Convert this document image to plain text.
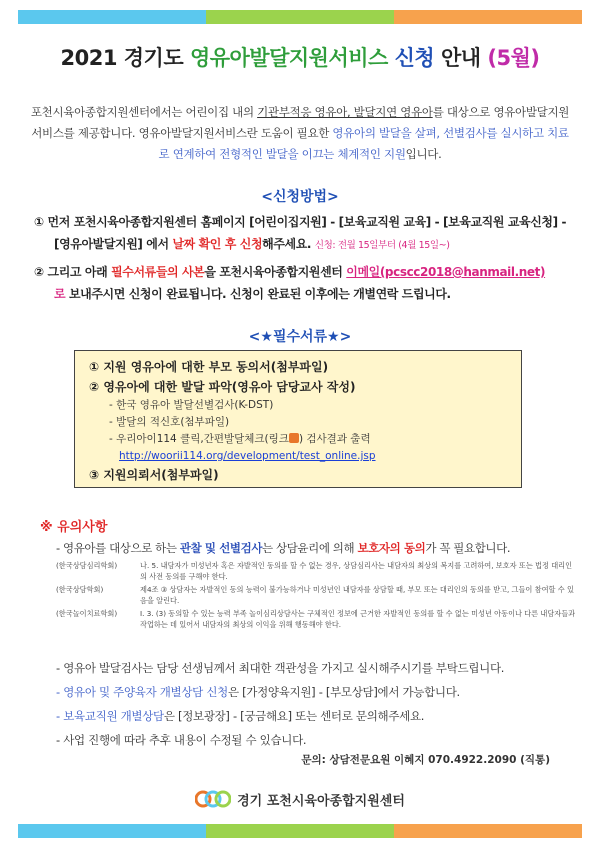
2021 경기도 영유아발달지원서비스 신청 안내 (5월)
포천시육아종합지원센터에서는 어린이집 내의 기관부적응 영유아, 발달지연 영유아를 대상으로 영유아발달지원서비스를 제공합니다. 영유아발달지원서비스란 도움이 필요한 영유아의 발달을 살펴, 선별검사를 실시하고 치료로 연계하여 전형적인 발달을 이끄는 체계적인 지원입니다.
<신청방법>

① 먼저 포천시육아종합지원센터 홈페이지 [어린이집지원] - [보육교직원 교육] - [보육교직원 교육신청] - [영유아발달지원] 에서 날짜 확인 후 신청해주세요. 신청: 전월 15일부터 (4월 15일~)

② 그리고 아래 필수서류들의 사본을 포천시육아종합지원센터 이메일(pcscc2018@hanmail.net)
로 보내주시면 신청이 완료됩니다. 신청이 완료된 이후에는 개별연락 드립니다.

<★필수서류★>
① 지원 영유아에 대한 부모 동의서(첨부파일)
② 영유아에 대한 발달 파악(영유아 담당교사 작성)
- 한국 영유아 발달선별검사(K-DST)
- 발달의 적신호(첨부파일)
- 우리아이114 클릭,간편발달체크(링크 ) 검사결과 출력
http://woorii114.org/development/test_online.jsp
③ 지원의뢰서(첨부파일)
※ 유의사항
- 영유아를 대상으로 하는 관찰 및 선별검사는 상담윤리에 의해 보호자의 동의가 꼭 필요합니다.
(한국상담심리학회)	나. 5. 내담자가 미성년자 혹은 자발적인 동의를 할 수 없는 경우, 상담심리사는 내담자의 최상의 복지를 고려하여, 보호자 또는 법정 대리인의 사전 동의를 구해야 한다.
(한국상담학회)	제4조 ③ 상담자는 자발적인 동의 능력이 불가능하거나 미성년인 내담자를 상담할 때, 부모 또는 대리인의 동의를 받고, 그들이 참여할 수 있음을 알린다.
(한국놀이치료학회)	Ⅰ. 3. (3) 동의할 수 있는 능력 부족 놀이심리상담사는 구체적인 정보에 근거한 자발적인 동의를 할 수 없는 미성년 아동이나 다른 내담자들과 작업하는 데 있어서 내담자의 최상의 이익을 위해 행동해야 한다.
- 영유아 발달검사는 담당 선생님께서 최대한 객관성을 가지고 실시해주시기를 부탁드립니다.
- 영유아 및 주양육자 개별상담 신청은 [가정양육지원] - [부모상담]에서 가능합니다.
- 보육교직원 개별상담은 [정보광장] - [궁금해요] 또는 센터로 문의해주세요.
- 사업 진행에 따라 추후 내용이 수정될 수 있습니다.
문의: 상담전문요원 이혜지 070.4922.2090 (직통)
경기 포천시육아종합지원센터
